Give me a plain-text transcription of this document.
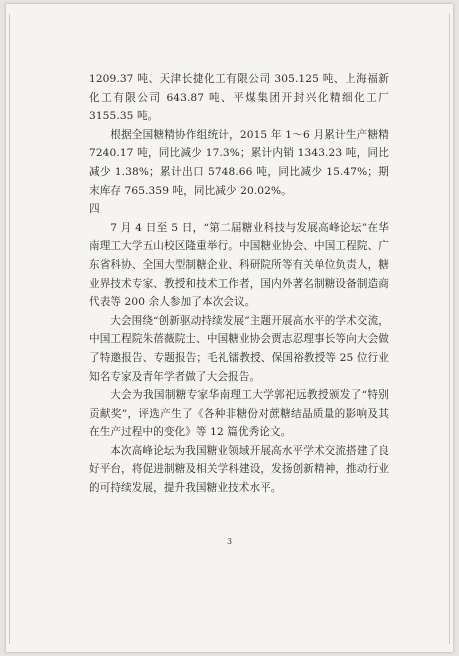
1209.37 吨、天津长捷化工有限公司 305.125 吨、上海福新化工有限公司 643.87 吨、平煤集团开封兴化精细化工厂 3155.35 吨。

根据全国糖精协作组统计，2015 年 1～6 月累计生产糖精 7240.17 吨，同比减少 17.3%；累计内销 1343.23 吨，同比减少 1.38%；累计出口 5748.66 吨，同比减少 15.47%；期末库存 765.359 吨，同比减少 20.02%。

四

7 月 4 日至 5 日，“第二届糖业科技与发展高峰论坛”在华南理工大学五山校区隆重举行。中国糖业协会、中国工程院、广东省科协、全国大型制糖企业、科研院所等有关单位负责人，糖业界技术专家、教授和技术工作者，国内外著名制糖设备制造商代表等 200 余人参加了本次会议。

大会围绕“创新驱动持续发展”主题开展高水平的学术交流，中国工程院朱蓓薇院士、中国糖业协会贾志忍理事长等向大会做了特邀报告、专题报告；毛礼镭教授、保国裕教授等 25 位行业知名专家及青年学者做了大会报告。

大会为我国制糖专家华南理工大学郭祀远教授颁发了“特别贡献奖”，评选产生了《各种非糖份对蔗糖结晶质量的影响及其在生产过程中的变化》等 12 篇优秀论文。

本次高峰论坛为我国糖业领域开展高水平学术交流搭建了良好平台，将促进制糖及相关学科建设，发扬创新精神，推动行业的可持续发展，提升我国糖业技术水平。

3
